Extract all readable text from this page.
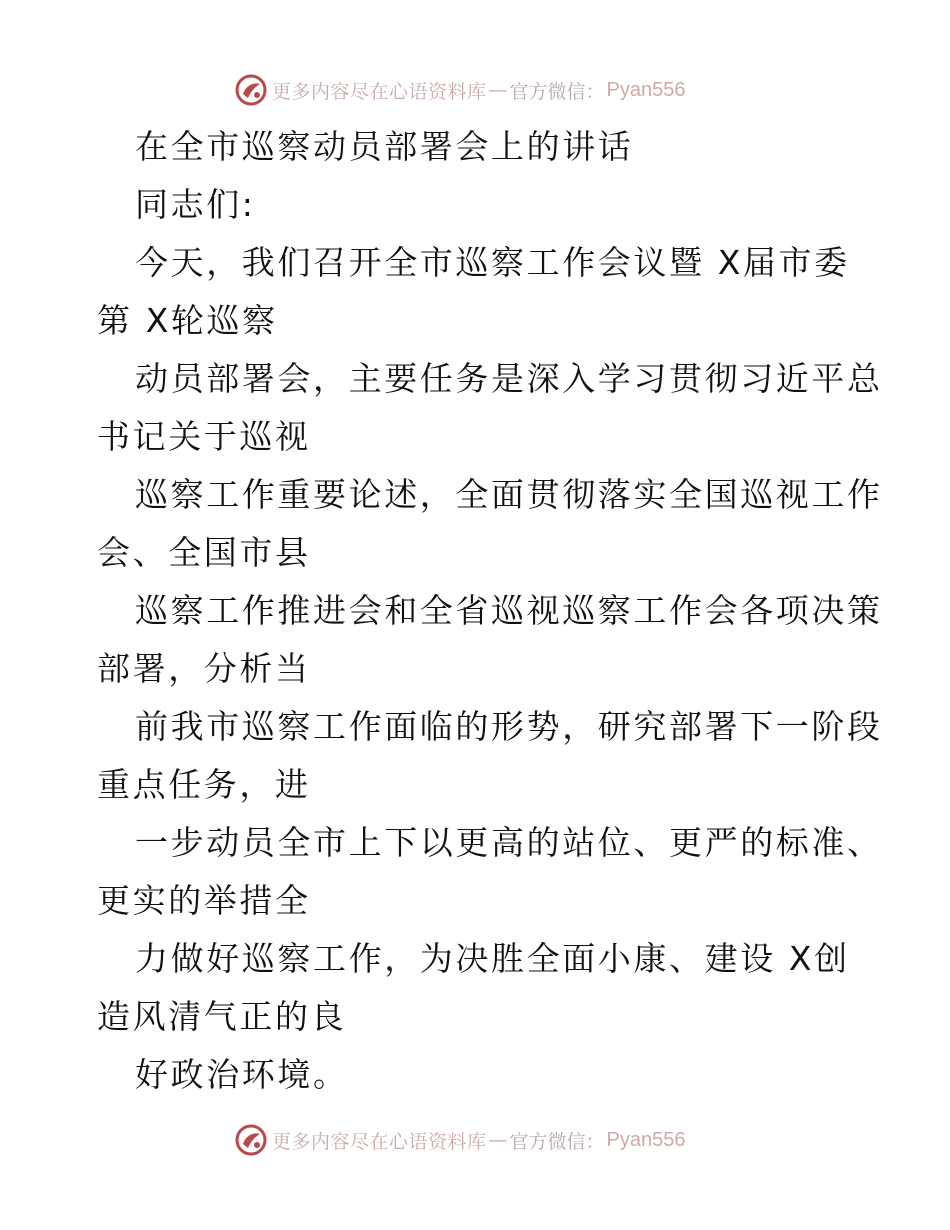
更多内容尽在心语资料库 — 官方微信： Pyan556
在全市巡察动员部署会上的讲话
同志们:
今天，我们召开全市巡察工作会议暨 X届市委
第 X轮巡察
动员部署会，主要任务是深入学习贯彻习近平总
书记关于巡视
巡察工作重要论述，全面贯彻落实全国巡视工作
会、全国市县
巡察工作推进会和全省巡视巡察工作会各项决策
部署，分析当
前我市巡察工作面临的形势，研究部署下一阶段
重点任务，进
一步动员全市上下以更高的站位、更严的标准、
更实的举措全
力做好巡察工作，为决胜全面小康、建设 X创
造风清气正的良
好政治环境。
更多内容尽在心语资料库 — 官方微信： Pyan556
